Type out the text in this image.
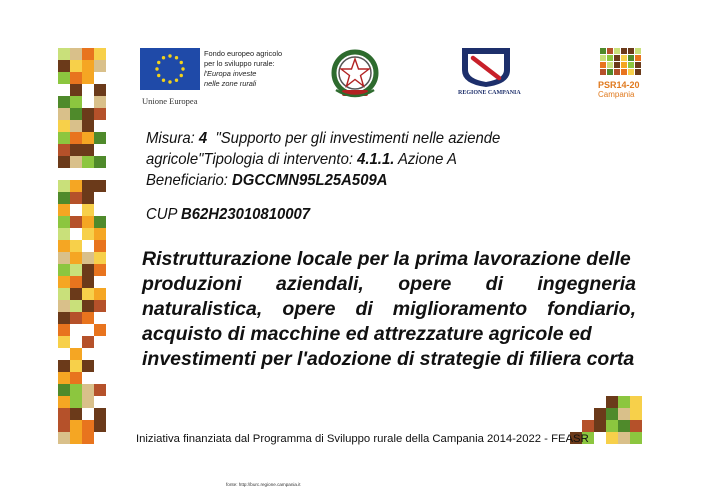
Fondo europeo agricolo
per lo sviluppo rurale:
l'Europa investe
nelle zone rurali
Unione Europea
REGIONE CAMPANIA
PSR14-20
Campania
Misura: 4 "Supporto per gli investimenti nelle aziende
agricole"Tipologia di intervento: 4.1.1. Azione A
Beneficiario: DGCCMN95L25A509A
CUP B62H23010810007
Ristrutturazione locale per la prima lavorazione delle
produzioni aziendali, opere di ingegneria
naturalistica, opere di miglioramento fondiario,
acquisto di macchine ed attrezzature agricole ed
investimenti per l'adozione di strategie di filiera corta
Iniziativa finanziata dal Programma di Sviluppo rurale della Campania 2014-2022 - FEASR
fonte: http://burc.regione.campania.it
